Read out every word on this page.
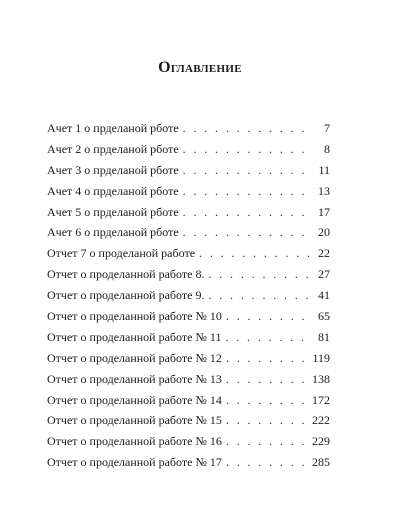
Оглавление
Ачет 1 о прделаной рботе . . .	7
Ачет 2 о прделаной рботе . . .	8
Ачет 3 о прделаной рботе . . .	11
Ачет 4 о прделаной рботе . . .	13
Ачет 5 о прделаной рботе . . .	17
Ачет 6 о прделаной рботе . . .	20
Отчет 7 о проделаной работе . . .	22
Отчет о проделанной работе 8. . . .	27
Отчет о проделанной работе 9. . . .	41
Отчет о проделанной работе № 10 . . .	65
Отчет о проделанной работе № 11 . . .	81
Отчет о проделанной работе № 12 . . .	119
Отчет о проделанной работе № 13 . . .	138
Отчет о проделанной работе № 14 . . .	172
Отчет о проделанной работе № 15 . . .	222
Отчет о проделанной работе № 16 . . .	229
Отчет о проделанной работе № 17 . . .	285
